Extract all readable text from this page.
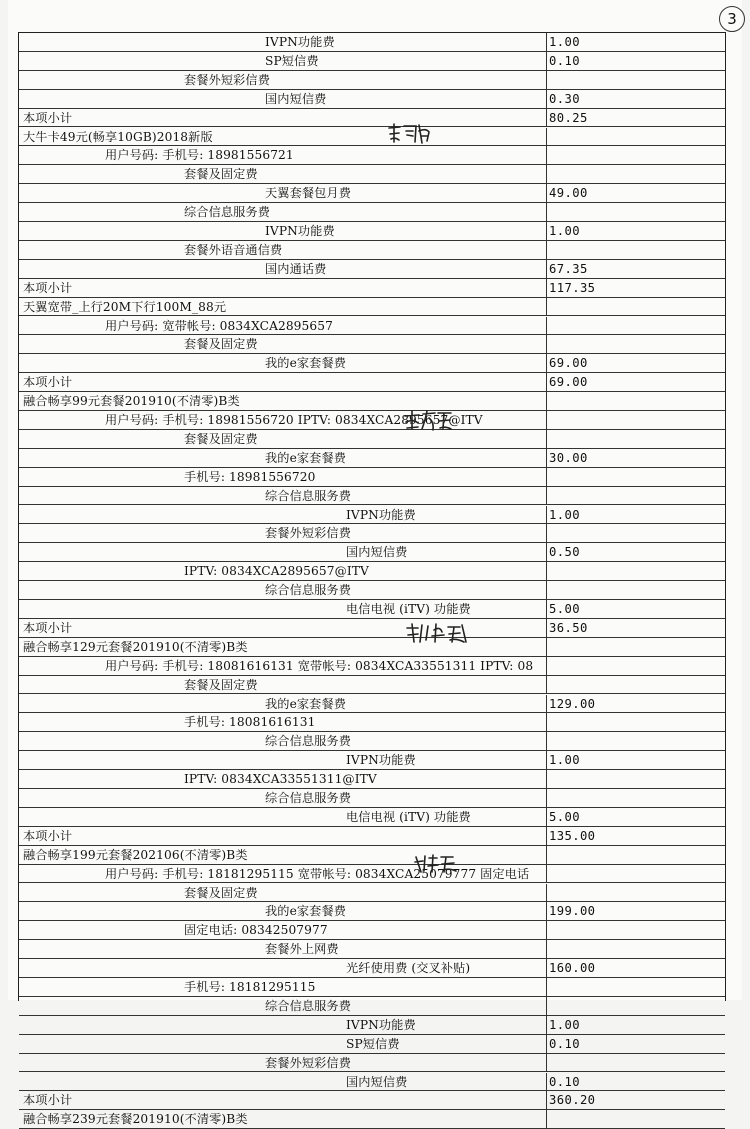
3
IVPN功能费	1.00
SP短信费	0.10
套餐外短彩信费
国内短信费	0.30
本项小计	80.25
大牛卡49元(畅享10GB)2018新版
用户号码: 手机号: 18981556721
套餐及固定费
天翼套餐包月费	49.00
综合信息服务费
IVPN功能费	1.00
套餐外语音通信费
国内通话费	67.35
本项小计	117.35
天翼宽带_上行20M下行100M_88元
用户号码: 宽带帐号: 0834XCA2895657
套餐及固定费
我的e家套餐费	69.00
本项小计	69.00
融合畅享99元套餐201910(不清零)B类
用户号码: 手机号: 18981556720 IPTV: 0834XCA2895657@ITV
套餐及固定费
我的e家套餐费	30.00
手机号: 18981556720
综合信息服务费
IVPN功能费	1.00
套餐外短彩信费
国内短信费	0.50
IPTV: 0834XCA2895657@ITV
综合信息服务费
电信电视 (iTV) 功能费	5.00
本项小计	36.50
融合畅享129元套餐201910(不清零)B类
用户号码: 手机号: 18081616131 宽带帐号: 0834XCA33551311 IPTV: 08
套餐及固定费
我的e家套餐费	129.00
手机号: 18081616131
综合信息服务费
IVPN功能费	1.00
IPTV: 0834XCA33551311@ITV
综合信息服务费
电信电视 (iTV) 功能费	5.00
本项小计	135.00
融合畅享199元套餐202106(不清零)B类
用户号码: 手机号: 18181295115 宽带帐号: 0834XCA25079777 固定电话
套餐及固定费
我的e家套餐费	199.00
固定电话: 08342507977
套餐外上网费
光纤使用费 (交叉补贴)	160.00
手机号: 18181295115
综合信息服务费
IVPN功能费	1.00
SP短信费	0.10
套餐外短彩信费
国内短信费	0.10
本项小计	360.20
融合畅享239元套餐201910(不清零)B类
